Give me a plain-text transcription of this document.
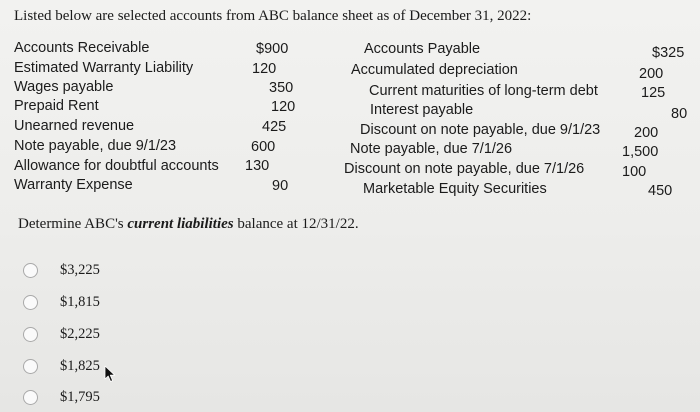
Listed below are selected accounts from ABC balance sheet as of December 31, 2022:
Accounts Receivable
Estimated Warranty Liability
Wages payable
Prepaid Rent
Unearned revenue
Note payable, due 9/1/23
Allowance for doubtful accounts
Warranty Expense
$900
120
350
120
425
600
130
90
Accounts Payable
Accumulated depreciation
Current maturities of long-term debt
Interest payable
Discount on note payable, due 9/1/23
Note payable, due 7/1/26
Discount on note payable, due 7/1/26
Marketable Equity Securities
$325
200
125
80
200
1,500
100
450
Determine ABC's current liabilities balance at 12/31/22.
$3,225
$1,815
$2,225
$1,825
$1,795
